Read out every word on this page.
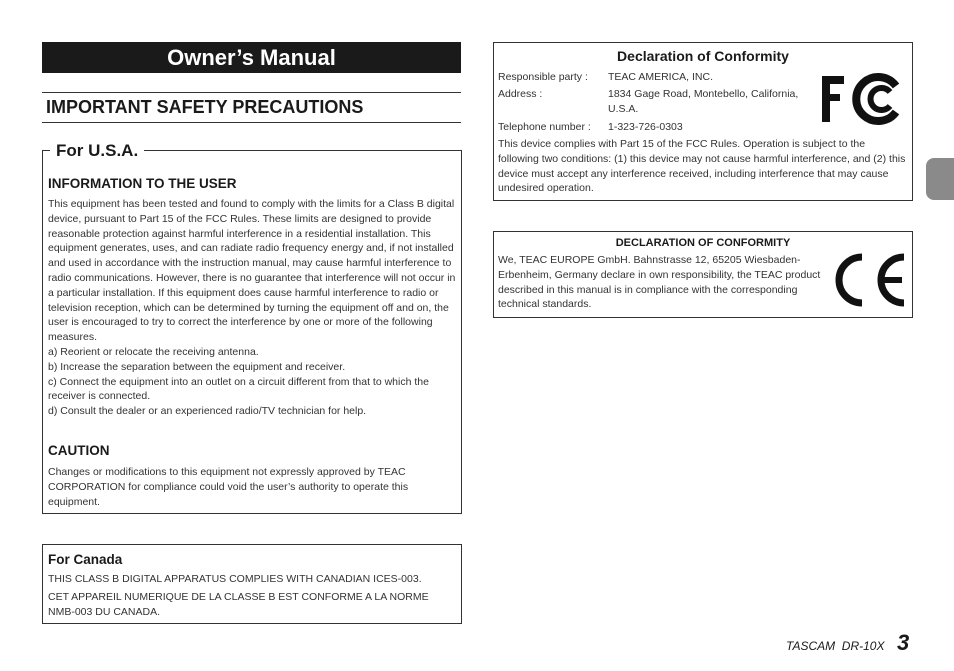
Owner’s Manual
IMPORTANT SAFETY PRECAUTIONS
For U.S.A.
INFORMATION TO THE USER

This equipment has been tested and found to comply with the limits for a Class B digital device, pursuant to Part 15 of the FCC Rules. These limits are designed to provide reasonable protection against harmful interference in a residential installation. This equipment generates, uses, and can radiate radio frequency energy and, if not installed and used in accordance with the instruction manual, may cause harmful interference to radio communications. However, there is no guarantee that interference will not occur in a particular installation. If this equipment does cause harmful interference to radio or television reception, which can be determined by turning the equipment off and on, the user is encouraged to try to correct the interference by one or more of the following measures.

a) Reorient or relocate the receiving antenna.

b) Increase the separation between the equipment and receiver.

c) Connect the equipment into an outlet on a circuit different from that to which the receiver is connected.

d) Consult the dealer or an experienced radio/TV technician for help.

CAUTION
Changes or modifications to this equipment not expressly approved by TEAC CORPORATION for compliance could void the user’s authority to operate this equipment.
For Canada
THIS CLASS B DIGITAL APPARATUS COMPLIES WITH CANADIAN ICES-003.
CET APPAREIL NUMERIQUE DE LA CLASSE B EST CONFORME A LA NORME NMB-003 DU CANADA.
Declaration of Conformity
Responsible party : TEAC AMERICA, INC.
Address :	1834 Gage Road, Montebello, California, U.S.A.
Telephone number : 1-323-726-0303
This device complies with Part 15 of the FCC Rules. Operation is subject to the following two conditions: (1) this device may not cause harmful interference, and (2) this device must accept any interference received, including interference that may cause undesired operation.
DECLARATION OF CONFORMITY
We, TEAC EUROPE GmbH. Bahnstrasse 12, 65205 Wiesbaden-Erbenheim, Germany declare in own responsibility, the TEAC product described in this manual is in compliance with the corresponding technical standards.
TASCAM  DR-10X 3
